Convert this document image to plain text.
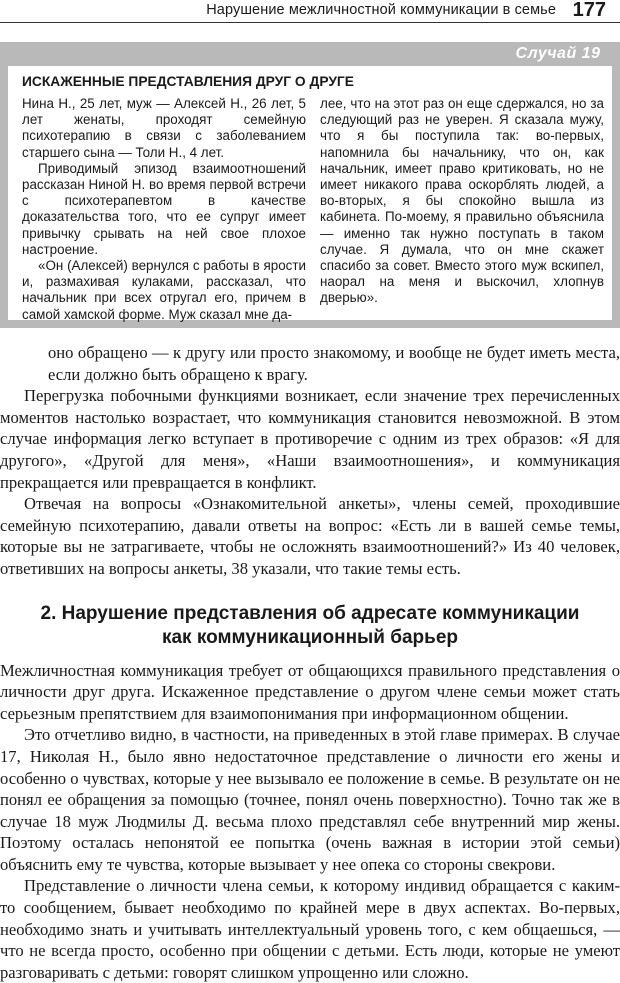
Нарушение межличностной коммуникации в семье 177
Случай 19
ИСКАЖЕННЫЕ ПРЕДСТАВЛЕНИЯ ДРУГ О ДРУГЕ

Нина Н., 25 лет, муж — Алексей Н., 26 лет, 5 лет женаты, проходят семейную психотерапию в связи с заболеванием старшего сына — Толи Н., 4 лет.

Приводимый эпизод взаимоотношений рассказан Ниной Н. во время первой встречи с психотерапевтом в качестве доказательства того, что ее супруг имеет привычку срывать на ней свое плохое настроение.

«Он (Алексей) вернулся с работы в ярости и, размахивая кулаками, рассказал, что начальник при всех отругал его, причем в самой хамской форме. Муж сказал мне да-

лее, что на этот раз он еще сдержался, но за следующий раз не уверен. Я сказала мужу, что я бы поступила так: во-первых, напомнила бы начальнику, что он, как начальник, имеет право критиковать, но не имеет никакого права оскорблять людей, а во-вторых, я бы спокойно вышла из кабинета. По-моему, я правильно объяснила — именно так нужно поступать в таком случае. Я думала, что он мне скажет спасибо за совет. Вместо этого муж вскипел, наорал на меня и выскочил, хлопнув дверью».

оно обращено — к другу или просто знакомому, и вообще не будет иметь места, если должно быть обращено к врагу.

Перегрузка побочными функциями возникает, если значение трех перечисленных моментов настолько возрастает, что коммуникация становится невозможной. В этом случае информация легко вступает в противоречие с одним из трех образов: «Я для другого», «Другой для меня», «Наши взаимоотношения», и коммуникация прекращается или превращается в конфликт.

Отвечая на вопросы «Ознакомительной анкеты», члены семей, проходившие семейную психотерапию, давали ответы на вопрос: «Есть ли в вашей семье темы, которые вы не затрагиваете, чтобы не осложнять взаимоотношений?» Из 40 человек, ответивших на вопросы анкеты, 38 указали, что такие темы есть.

2. Нарушение представления об адресате коммуникации
как коммуникационный барьер

Межличностная коммуникация требует от общающихся правильного представления о личности друг друга. Искаженное представление о другом члене семьи может стать серьезным препятствием для взаимопонимания при информационном общении.

Это отчетливо видно, в частности, на приведенных в этой главе примерах. В случае 17, Николая Н., было явно недостаточное представление о личности его жены и особенно о чувствах, которые у нее вызывало ее положение в семье. В результате он не понял ее обращения за помощью (точнее, понял очень поверхностно). Точно так же в случае 18 муж Людмилы Д. весьма плохо представлял себе внутренний мир жены. Поэтому осталась непонятой ее попытка (очень важная в истории этой семьи) объяснить ему те чувства, которые вызывает у нее опека со стороны свекрови.

Представление о личности члена семьи, к которому индивид обращается с каким-то сообщением, бывает необходимо по крайней мере в двух аспектах. Во-первых, необходимо знать и учитывать интеллектуальный уровень того, с кем общаешься, — что не всегда просто, особенно при общении с детьми. Есть люди, которые не умеют разговаривать с детьми: говорят слишком упрощенно или сложно.
